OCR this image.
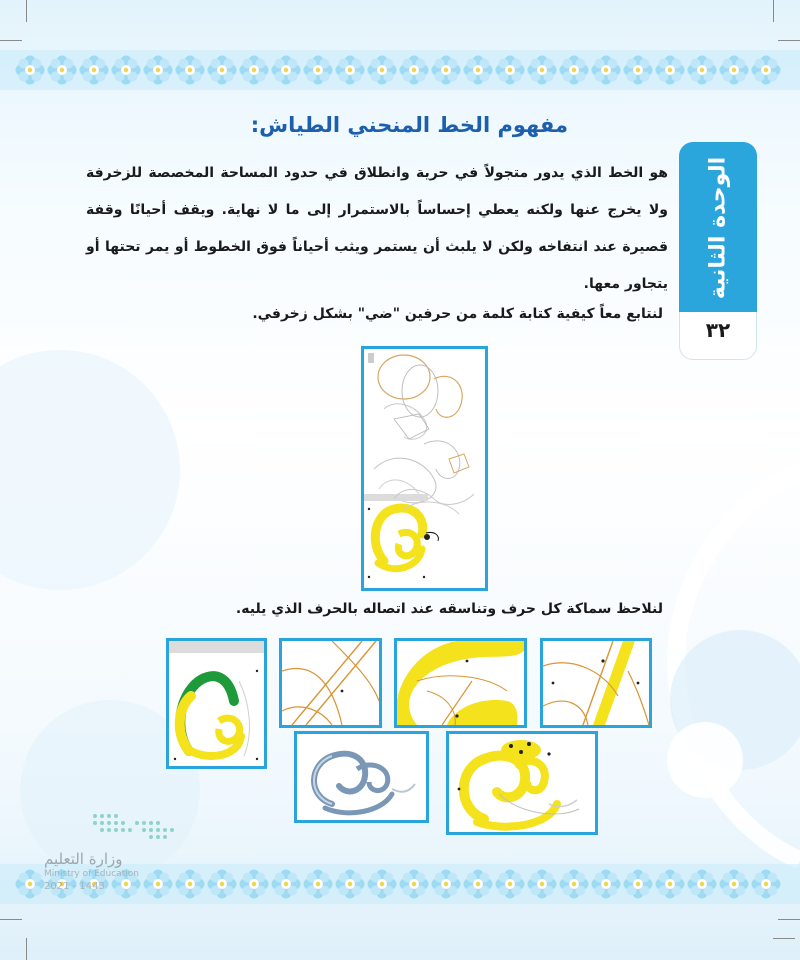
الوحدة الثانية
٣٢
مفهوم الخط المنحني الطياش:
هو الخط الذي يدور متجولاً في حرية وانطلاق في حدود المساحة المخصصة للزخرفة ولا يخرج عنها ولكنه يعطي إحساساً بالاستمرار إلى ما لا نهاية. ويقف أحيانًا وقفة قصيرة عند انتفاخه ولكن لا يلبث أن يستمر ويثب أحياناً فوق الخطوط أو يمر تحتها أو يتجاور معها.
لنتابع معاً كيفية كتابة كلمة من حرفين "ضي" بشكل زخرفي.
لنلاحظ سماكة كل حرف وتناسقه عند اتصاله بالحرف الذي يليه.
وزارة التعليم
Ministry of Education
2021 - 1443
